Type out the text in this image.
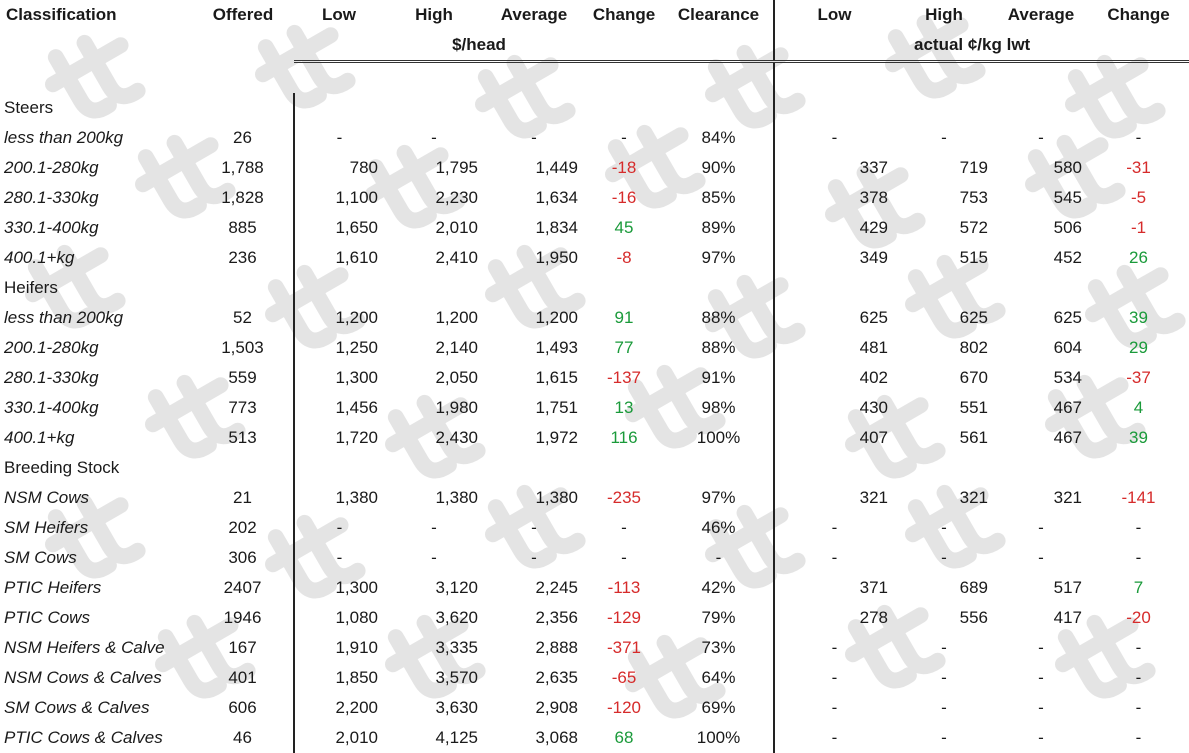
Classification	Offered	Low	High	Average	Change	Clearance	Low	High	Average	Change
		$/head						actual ¢/kg lwt		

Steers										
less than 200kg	26	-	-	-	-	84%	-	-	-	-
200.1-280kg	1,788	780	1,795	1,449	-18	90%	337	719	580	-31
280.1-330kg	1,828	1,100	2,230	1,634	-16	85%	378	753	545	-5
330.1-400kg	885	1,650	2,010	1,834	45	89%	429	572	506	-1
400.1+kg	236	1,610	2,410	1,950	-8	97%	349	515	452	26
Heifers										
less than 200kg	52	1,200	1,200	1,200	91	88%	625	625	625	39
200.1-280kg	1,503	1,250	2,140	1,493	77	88%	481	802	604	29
280.1-330kg	559	1,300	2,050	1,615	-137	91%	402	670	534	-37
330.1-400kg	773	1,456	1,980	1,751	13	98%	430	551	467	4
400.1+kg	513	1,720	2,430	1,972	116	100%	407	561	467	39
Breeding Stock										
NSM Cows	21	1,380	1,380	1,380	-235	97%	321	321	321	-141
SM Heifers	202	-	-	-	-	46%	-	-	-	-
SM Cows	306	-	-	-	-	-	-	-	-	-
PTIC Heifers	2407	1,300	3,120	2,245	-113	42%	371	689	517	7
PTIC Cows	1946	1,080	3,620	2,356	-129	79%	278	556	417	-20
NSM Heifers & Calve	167	1,910	3,335	2,888	-371	73%	-	-	-	-
NSM Cows & Calves	401	1,850	3,570	2,635	-65	64%	-	-	-	-
SM Cows & Calves	606	2,200	3,630	2,908	-120	69%	-	-	-	-
PTIC Cows & Calves	46	2,010	4,125	3,068	68	100%	-	-	-	-
